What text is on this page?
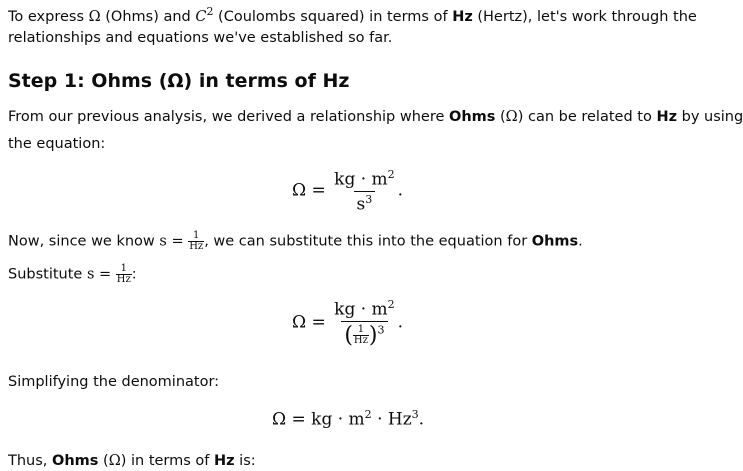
To express Ω (Ohms) and $C^2$ (Coulombs squared) in terms of Hz (Hertz), let's work through the

relationships and equations we've established so far.

Step 1: Ohms (Ω) in terms of Hz

From our previous analysis, we derived a relationship where Ohms (Ω) can be related to Hz by using

the equation:

$\Omega = \frac{kg \cdot m^2}{s^3}$ .

Now, since we know $s = \frac{1}{Hz}$ , we can substitute this into the equation for Ohms.

Substitute $s = \frac{1}{Hz}$ :

$\Omega = \frac{kg \cdot m^2}{( \frac{1}{Hz} )^3}$ .

Simplifying the denominator:

Ω = kg · $m^2 \cdot Hz^3$.

Thus, Ohms (Ω) in terms of Hz is:
